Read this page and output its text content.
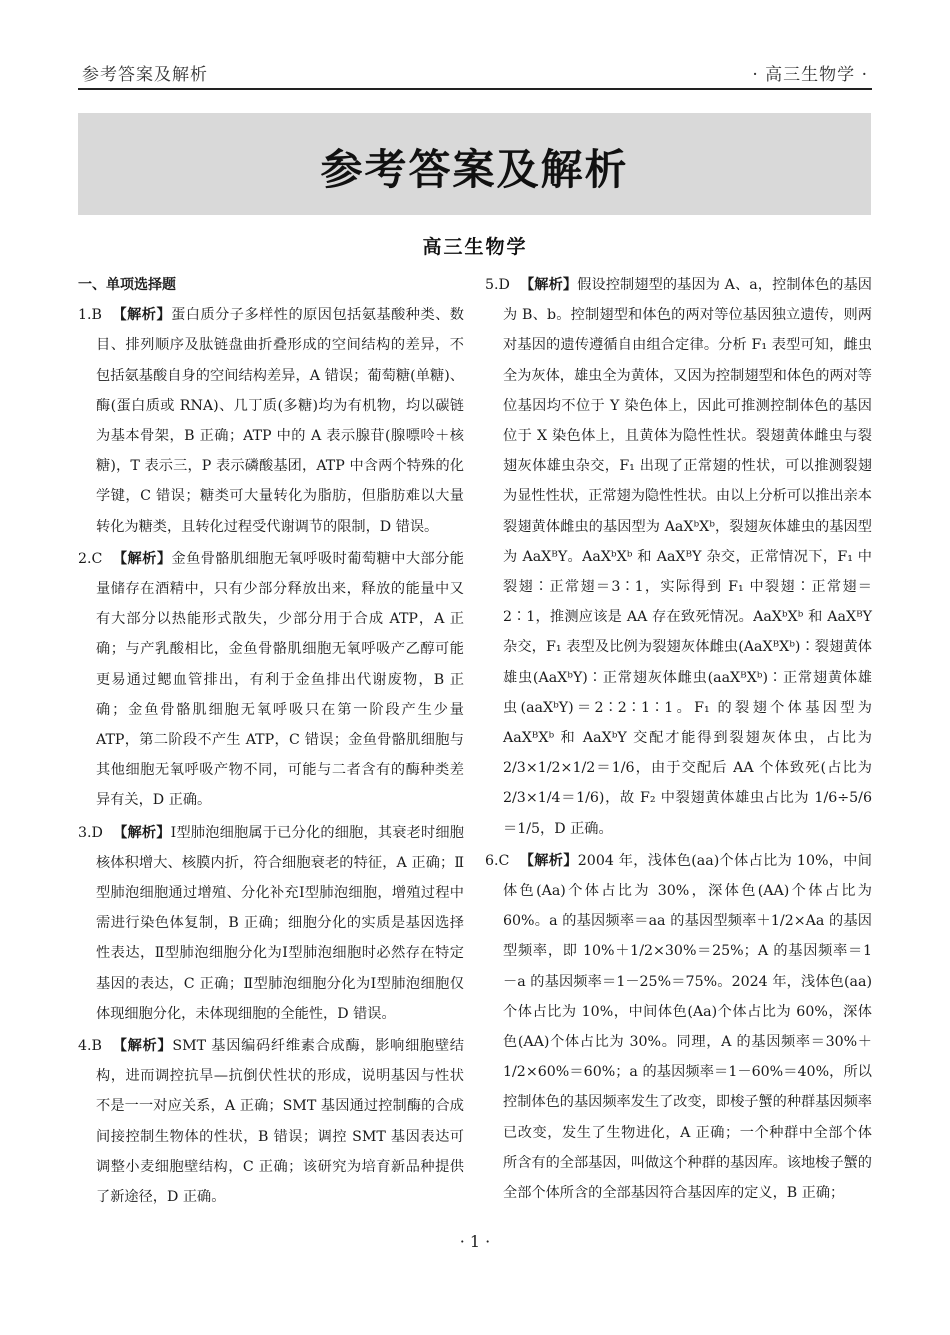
参考答案及解析	· 高三生物学 ·
参考答案及解析
高三生物学

一、单项选择题

1.B 【解析】蛋白质分子多样性的原因包括氨基酸种类、数目、排列顺序及肽链盘曲折叠形成的空间结构的差异，不包括氨基酸自身的空间结构差异，A 错误；葡萄糖(单糖)、酶(蛋白质或 RNA)、几丁质(多糖)均为有机物，均以碳链为基本骨架，B 正确；ATP 中的 A 表示腺苷(腺嘌呤＋核糖)，T 表示三，P 表示磷酸基团，ATP 中含两个特殊的化学键，C 错误；糖类可大量转化为脂肪，但脂肪难以大量转化为糖类，且转化过程受代谢调节的限制，D 错误。

2.C 【解析】金鱼骨骼肌细胞无氧呼吸时葡萄糖中大部分能量储存在酒精中，只有少部分释放出来，释放的能量中又有大部分以热能形式散失，少部分用于合成 ATP，A 正确；与产乳酸相比，金鱼骨骼肌细胞无氧呼吸产乙醇可能更易通过鳃血管排出，有利于金鱼排出代谢废物，B 正确；金鱼骨骼肌细胞无氧呼吸只在第一阶段产生少量 ATP，第二阶段不产生 ATP，C 错误；金鱼骨骼肌细胞与其他细胞无氧呼吸产物不同，可能与二者含有的酶种类差异有关，D 正确。

3.D 【解析】Ⅰ型肺泡细胞属于已分化的细胞，其衰老时细胞核体积增大、核膜内折，符合细胞衰老的特征，A 正确；Ⅱ型肺泡细胞通过增殖、分化补充Ⅰ型肺泡细胞，增殖过程中需进行染色体复制，B 正确；细胞分化的实质是基因选择性表达，Ⅱ型肺泡细胞分化为Ⅰ型肺泡细胞时必然存在特定基因的表达，C 正确；Ⅱ型肺泡细胞分化为Ⅰ型肺泡细胞仅体现细胞分化，未体现细胞的全能性，D 错误。

4.B 【解析】SMT 基因编码纤维素合成酶，影响细胞壁结构，进而调控抗旱—抗倒伏性状的形成，说明基因与性状不是一一对应关系，A 正确；SMT 基因通过控制酶的合成间接控制生物体的性状，B 错误；调控 SMT 基因表达可调整小麦细胞壁结构，C 正确；该研究为培育新品种提供了新途径，D 正确。

5.D 【解析】假设控制翅型的基因为 A、a，控制体色的基因为 B、b。控制翅型和体色的两对等位基因独立遗传，则两对基因的遗传遵循自由组合定律。分析 F₁ 表型可知，雌虫全为灰体，雄虫全为黄体，又因为控制翅型和体色的两对等位基因均不位于 Y 染色体上，因此可推测控制体色的基因位于 X 染色体上，且黄体为隐性性状。裂翅黄体雌虫与裂翅灰体雄虫杂交，F₁ 出现了正常翅的性状，可以推测裂翅为显性性状，正常翅为隐性性状。由以上分析可以推出亲本裂翅黄体雌虫的基因型为 AaXᵇXᵇ，裂翅灰体雄虫的基因型为 AaXᴮY。AaXᵇXᵇ 和 AaXᴮY 杂交，正常情况下，F₁ 中裂翅∶正常翅＝3∶1，实际得到 F₁ 中裂翅∶正常翅＝2∶1，推测应该是 AA 存在致死情况。AaXᵇXᵇ 和 AaXᴮY 杂交，F₁ 表型及比例为裂翅灰体雌虫(AaXᴮXᵇ)∶裂翅黄体雄虫(AaXᵇY)∶正常翅灰体雌虫(aaXᴮXᵇ)∶正常翅黄体雄虫(aaXᵇY)＝2∶2∶1∶1。F₁ 的裂翅个体基因型为 AaXᴮXᵇ 和 AaXᵇY 交配才能得到裂翅灰体虫，占比为 2/3×1/2×1/2＝1/6，由于交配后 AA 个体致死(占比为 2/3×1/4＝1/6)，故 F₂ 中裂翅黄体雄虫占比为 1/6÷5/6＝1/5，D 正确。

6.C 【解析】2004 年，浅体色(aa)个体占比为 10%，中间体色(Aa)个体占比为 30%，深体色(AA)个体占比为 60%。a 的基因频率＝aa 的基因型频率＋1/2×Aa 的基因型频率，即 10%＋1/2×30%＝25%；A 的基因频率＝1－a 的基因频率＝1－25%＝75%。2024 年，浅体色(aa)个体占比为 10%，中间体色(Aa)个体占比为 60%，深体色(AA)个体占比为 30%。同理，A 的基因频率＝30%＋1/2×60%＝60%；a 的基因频率＝1－60%＝40%，所以控制体色的基因频率发生了改变，即梭子蟹的种群基因频率已改变，发生了生物进化，A 正确；一个种群中全部个体所含有的全部基因，叫做这个种群的基因库。该地梭子蟹的全部个体所含的全部基因符合基因库的定义，B 正确；

· 1 ·
